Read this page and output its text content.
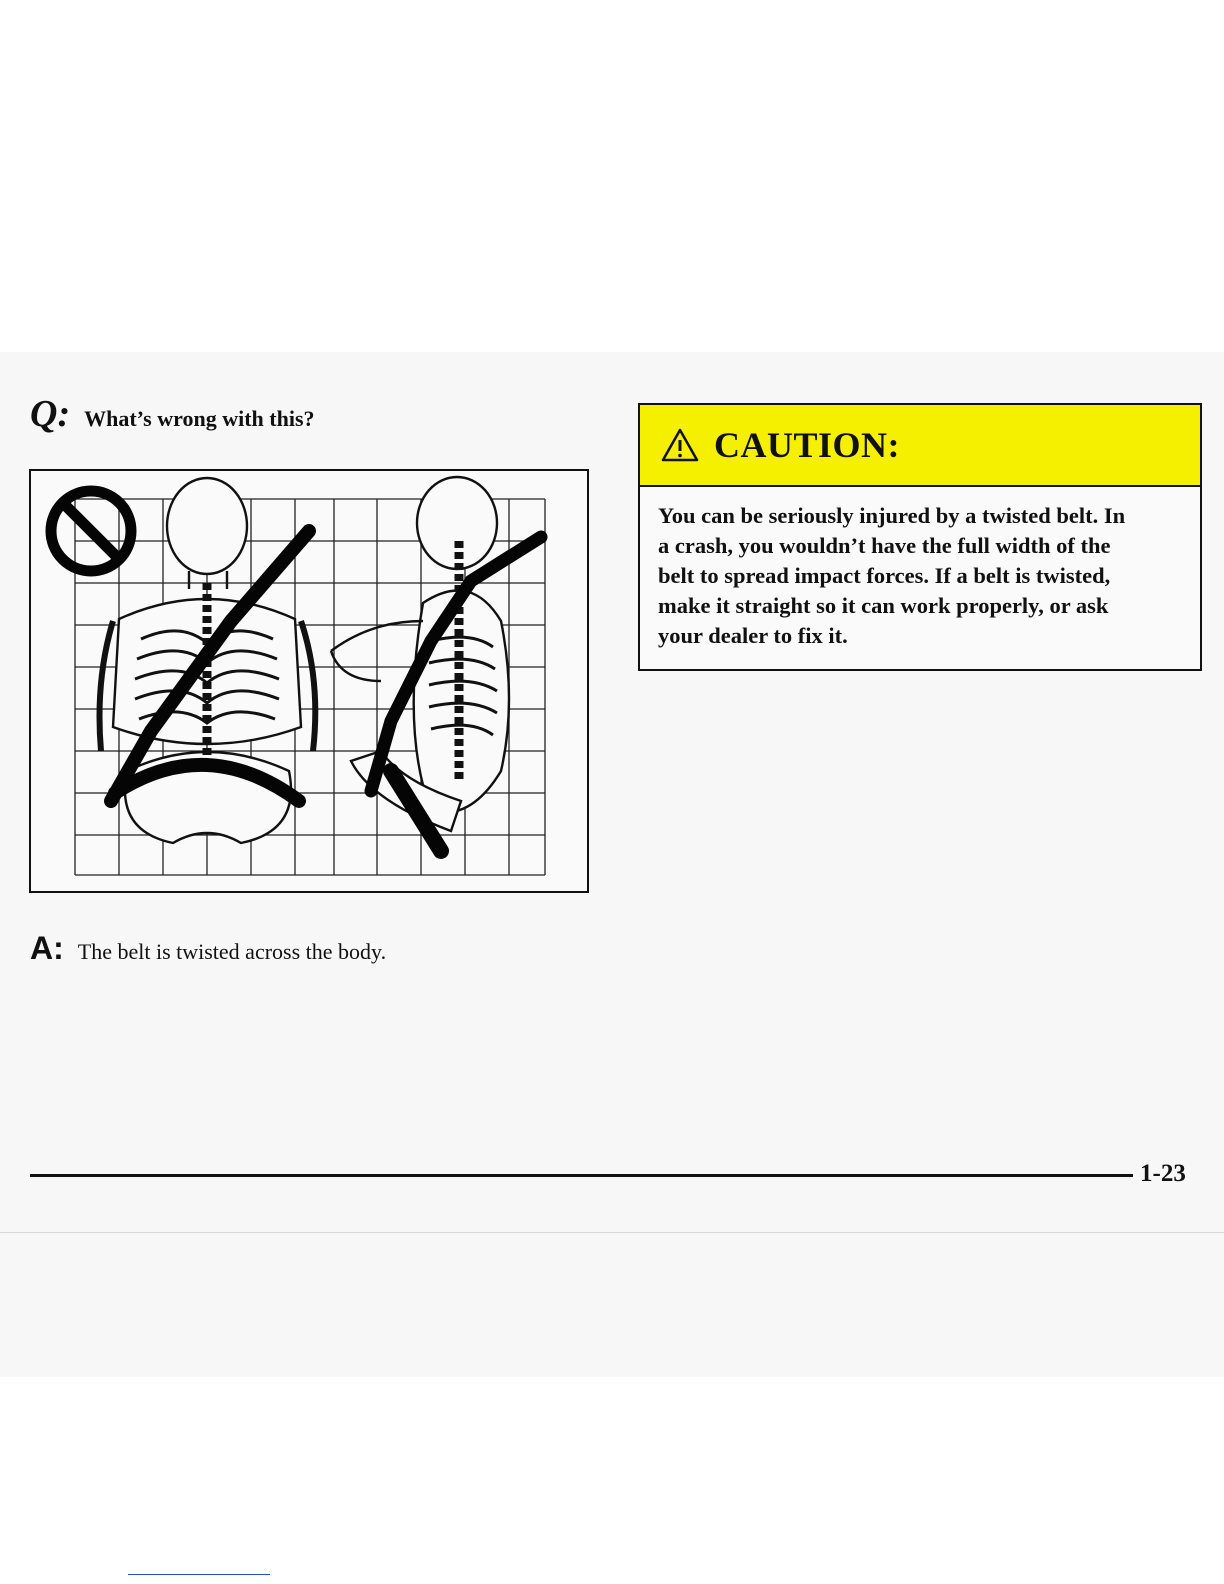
Q: What’s wrong with this?
A: The belt is twisted across the body.
CAUTION:
You can be seriously injured by a twisted belt. In
a crash, you wouldn’t have the full width of the
belt to spread impact forces. If a belt is twisted,
make it straight so it can work properly, or ask
your dealer to fix it.
1-23
